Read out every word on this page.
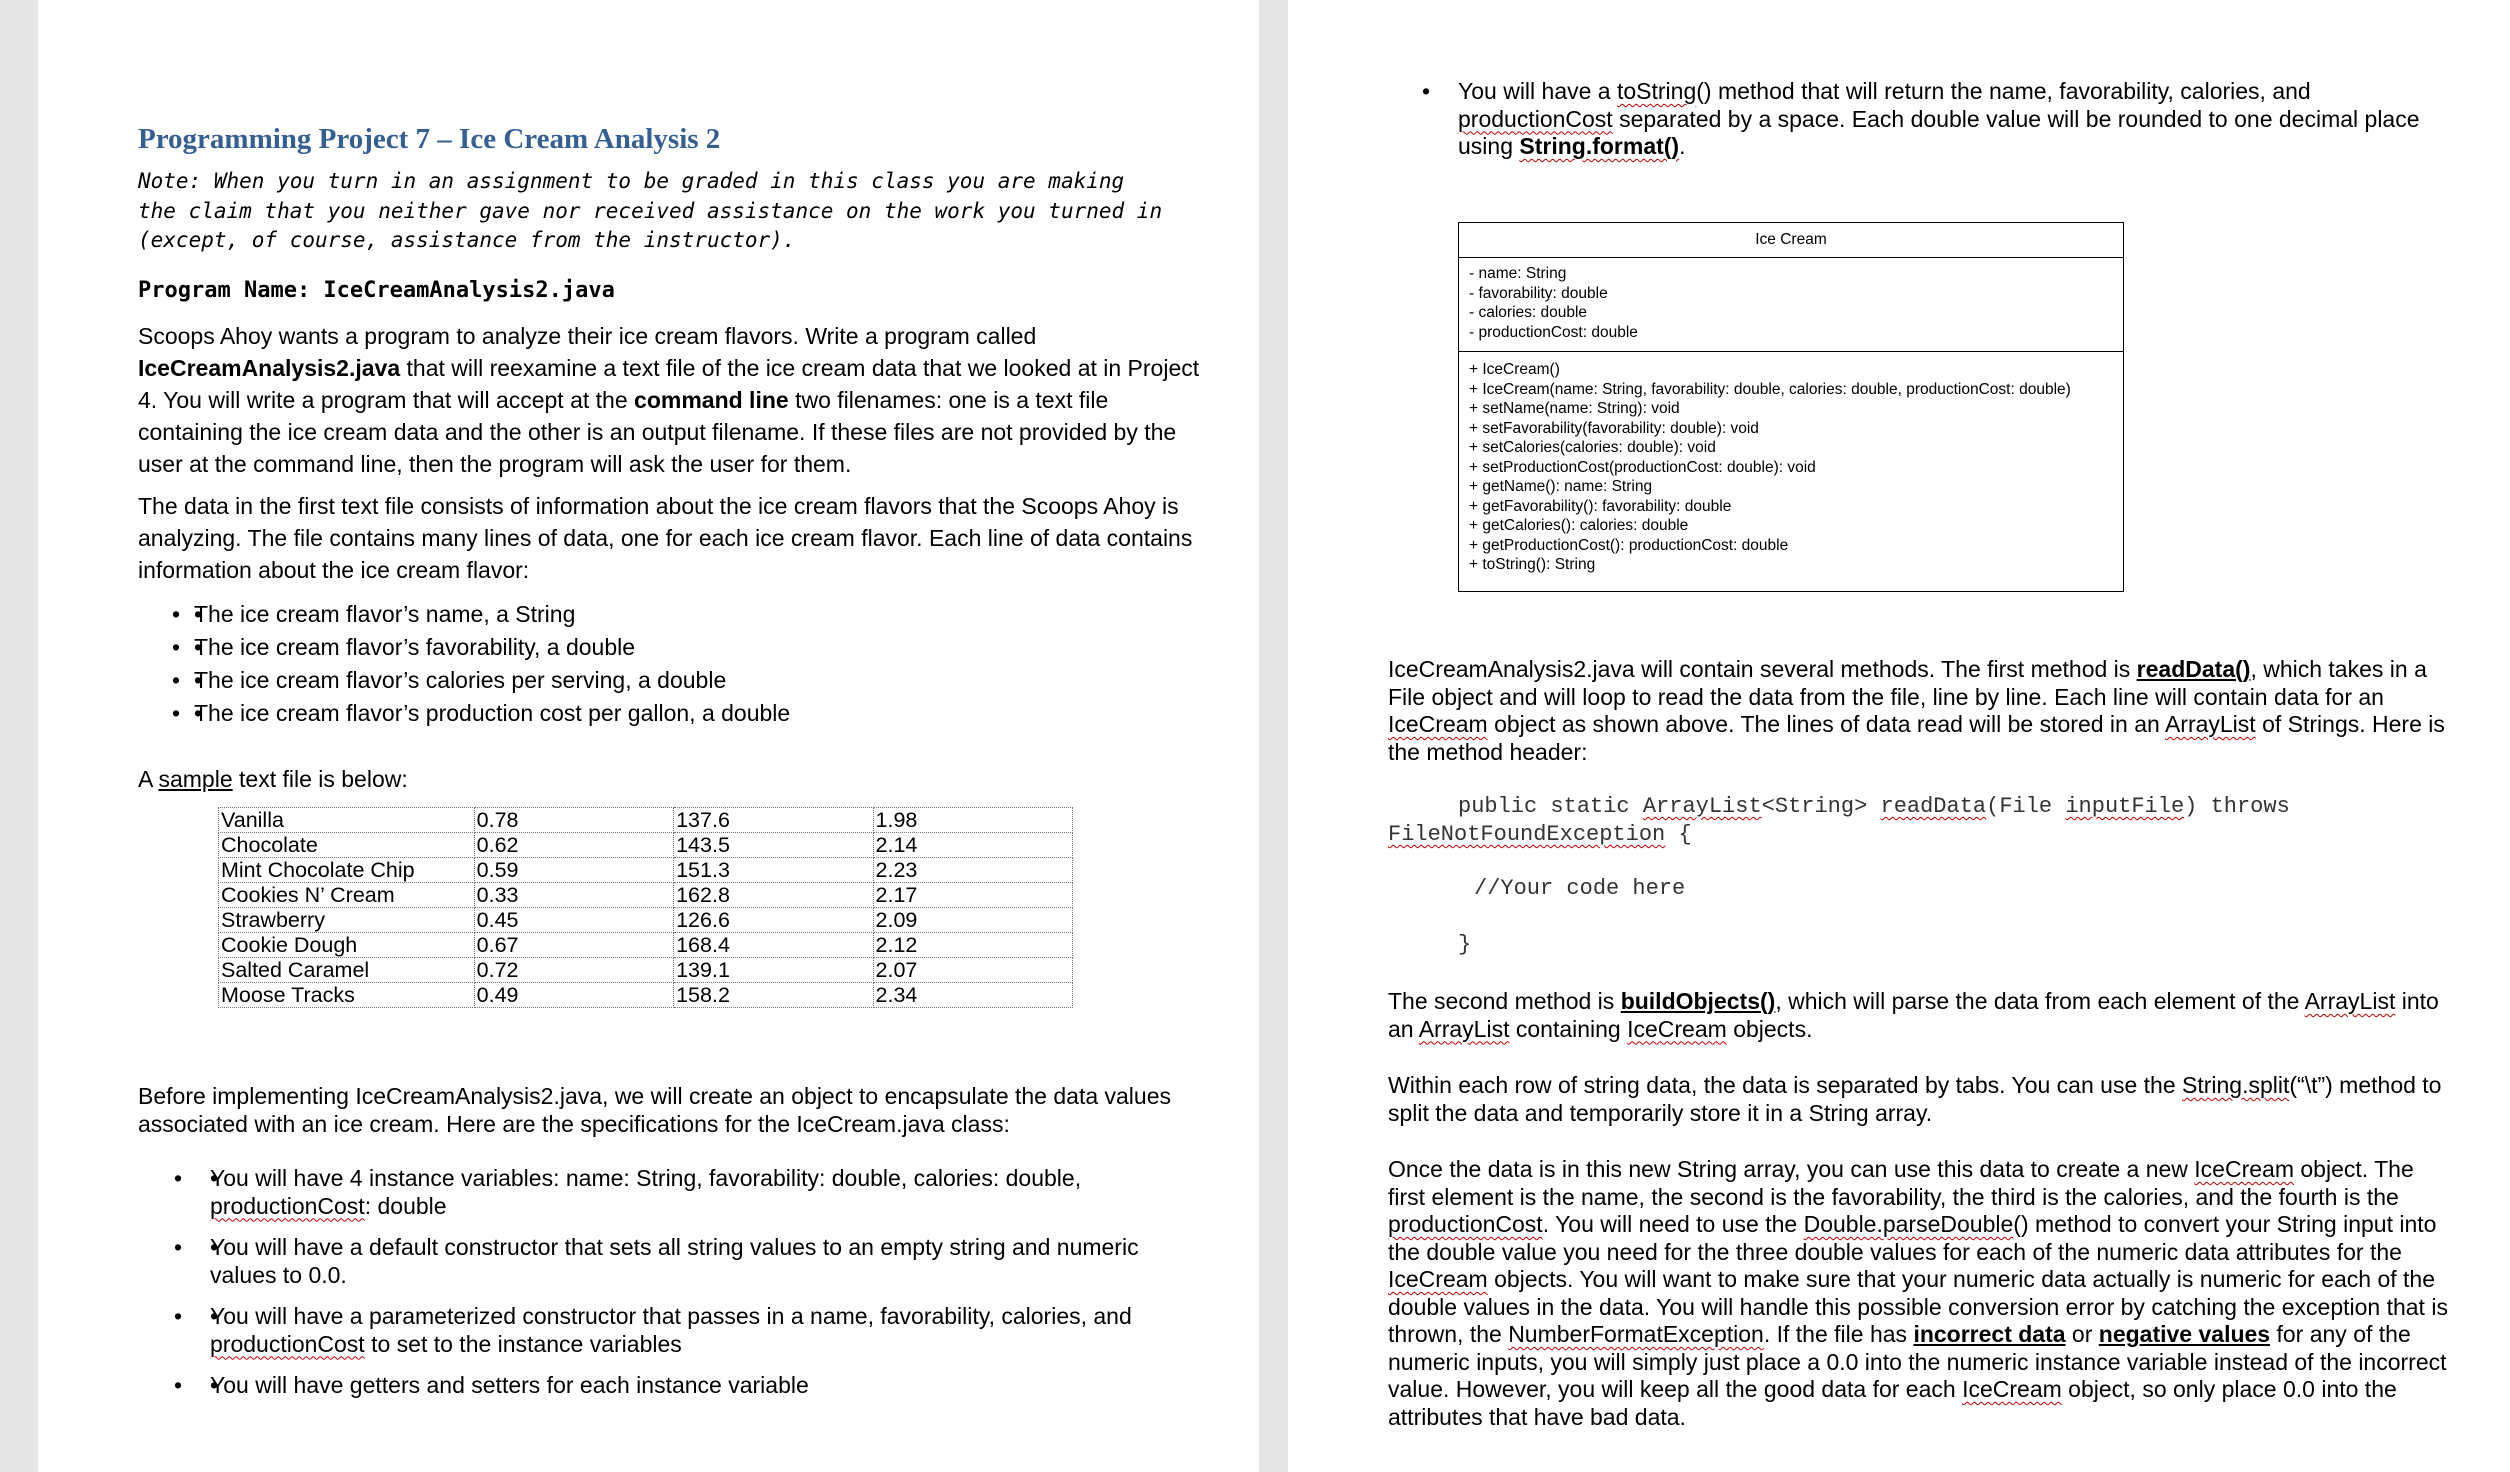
Programming Project 7 – Ice Cream Analysis 2
Note: When you turn in an assignment to be graded in this class you are making the claim that you neither gave nor received assistance on the work you turned in (except, of course, assistance from the instructor).
Program Name: IceCreamAnalysis2.java
Scoops Ahoy wants a program to analyze their ice cream flavors. Write a program called IceCreamAnalysis2.java that will reexamine a text file of the ice cream data that we looked at in Project 4. You will write a program that will accept at the command line two filenames: one is a text file containing the ice cream data and the other is an output filename. If these files are not provided by the user at the command line, then the program will ask the user for them.
The data in the first text file consists of information about the ice cream flavors that the Scoops Ahoy is analyzing. The file contains many lines of data, one for each ice cream flavor. Each line of data contains information about the ice cream flavor:
• • The ice cream flavor’s name, a String
• • The ice cream flavor’s favorability, a double
• • The ice cream flavor’s calories per serving, a double
• • The ice cream flavor’s production cost per gallon, a double
A sample text file is below:
Vanilla	0.78	137.6	1.98
Chocolate	0.62	143.5	2.14
Mint Chocolate Chip	0.59	151.3	2.23
Cookies N’ Cream	0.33	162.8	2.17
Strawberry	0.45	126.6	2.09
Cookie Dough	0.67	168.4	2.12
Salted Caramel	0.72	139.1	2.07
Moose Tracks	0.49	158.2	2.34
Before implementing IceCreamAnalysis2.java, we will create an object to encapsulate the data values associated with an ice cream. Here are the specifications for the IceCream.java class:
• • You will have 4 instance variables: name: String, favorability: double, calories: double, productionCost: double
• • You will have a default constructor that sets all string values to an empty string and numeric values to 0.0.
• • You will have a parameterized constructor that passes in a name, favorability, calories, and productionCost to set to the instance variables
• • You will have getters and setters for each instance variable
• You will have a toString() method that will return the name, favorability, calories, and productionCost separated by a space. Each double value will be rounded to one decimal place using String.format().
Ice Cream
- name: String
- favorability: double
- calories: double
- productionCost: double
+ IceCream()
+ IceCream(name: String, favorability: double, calories: double, productionCost: double)
+ setName(name: String): void
+ setFavorability(favorability: double): void
+ setCalories(calories: double): void
+ setProductionCost(productionCost: double): void
+ getName(): name: String
+ getFavorability(): favorability: double
+ getCalories(): calories: double
+ getProductionCost(): productionCost: double
+ toString(): String
IceCreamAnalysis2.java will contain several methods. The first method is readData(), which takes in a File object and will loop to read the data from the file, line by line. Each line will contain data for an IceCream object as shown above. The lines of data read will be stored in an ArrayList of Strings. Here is the method header:
public static ArrayList<String> readData(File inputFile) throws
FileNotFoundException {
//Your code here
}
The second method is buildObjects(), which will parse the data from each element of the ArrayList into an ArrayList containing IceCream objects.
Within each row of string data, the data is separated by tabs. You can use the String.split(“\t”) method to split the data and temporarily store it in a String array.
Once the data is in this new String array, you can use this data to create a new IceCream object. The first element is the name, the second is the favorability, the third is the calories, and the fourth is the productionCost. You will need to use the Double.parseDouble() method to convert your String input into the double value you need for the three double values for each of the numeric data attributes for the IceCream objects. You will want to make sure that your numeric data actually is numeric for each of the double values in the data. You will handle this possible conversion error by catching the exception that is thrown, the NumberFormatException. If the file has incorrect data or negative values for any of the numeric inputs, you will simply just place a 0.0 into the numeric instance variable instead of the incorrect value. However, you will keep all the good data for each IceCream object, so only place 0.0 into the attributes that have bad data.
